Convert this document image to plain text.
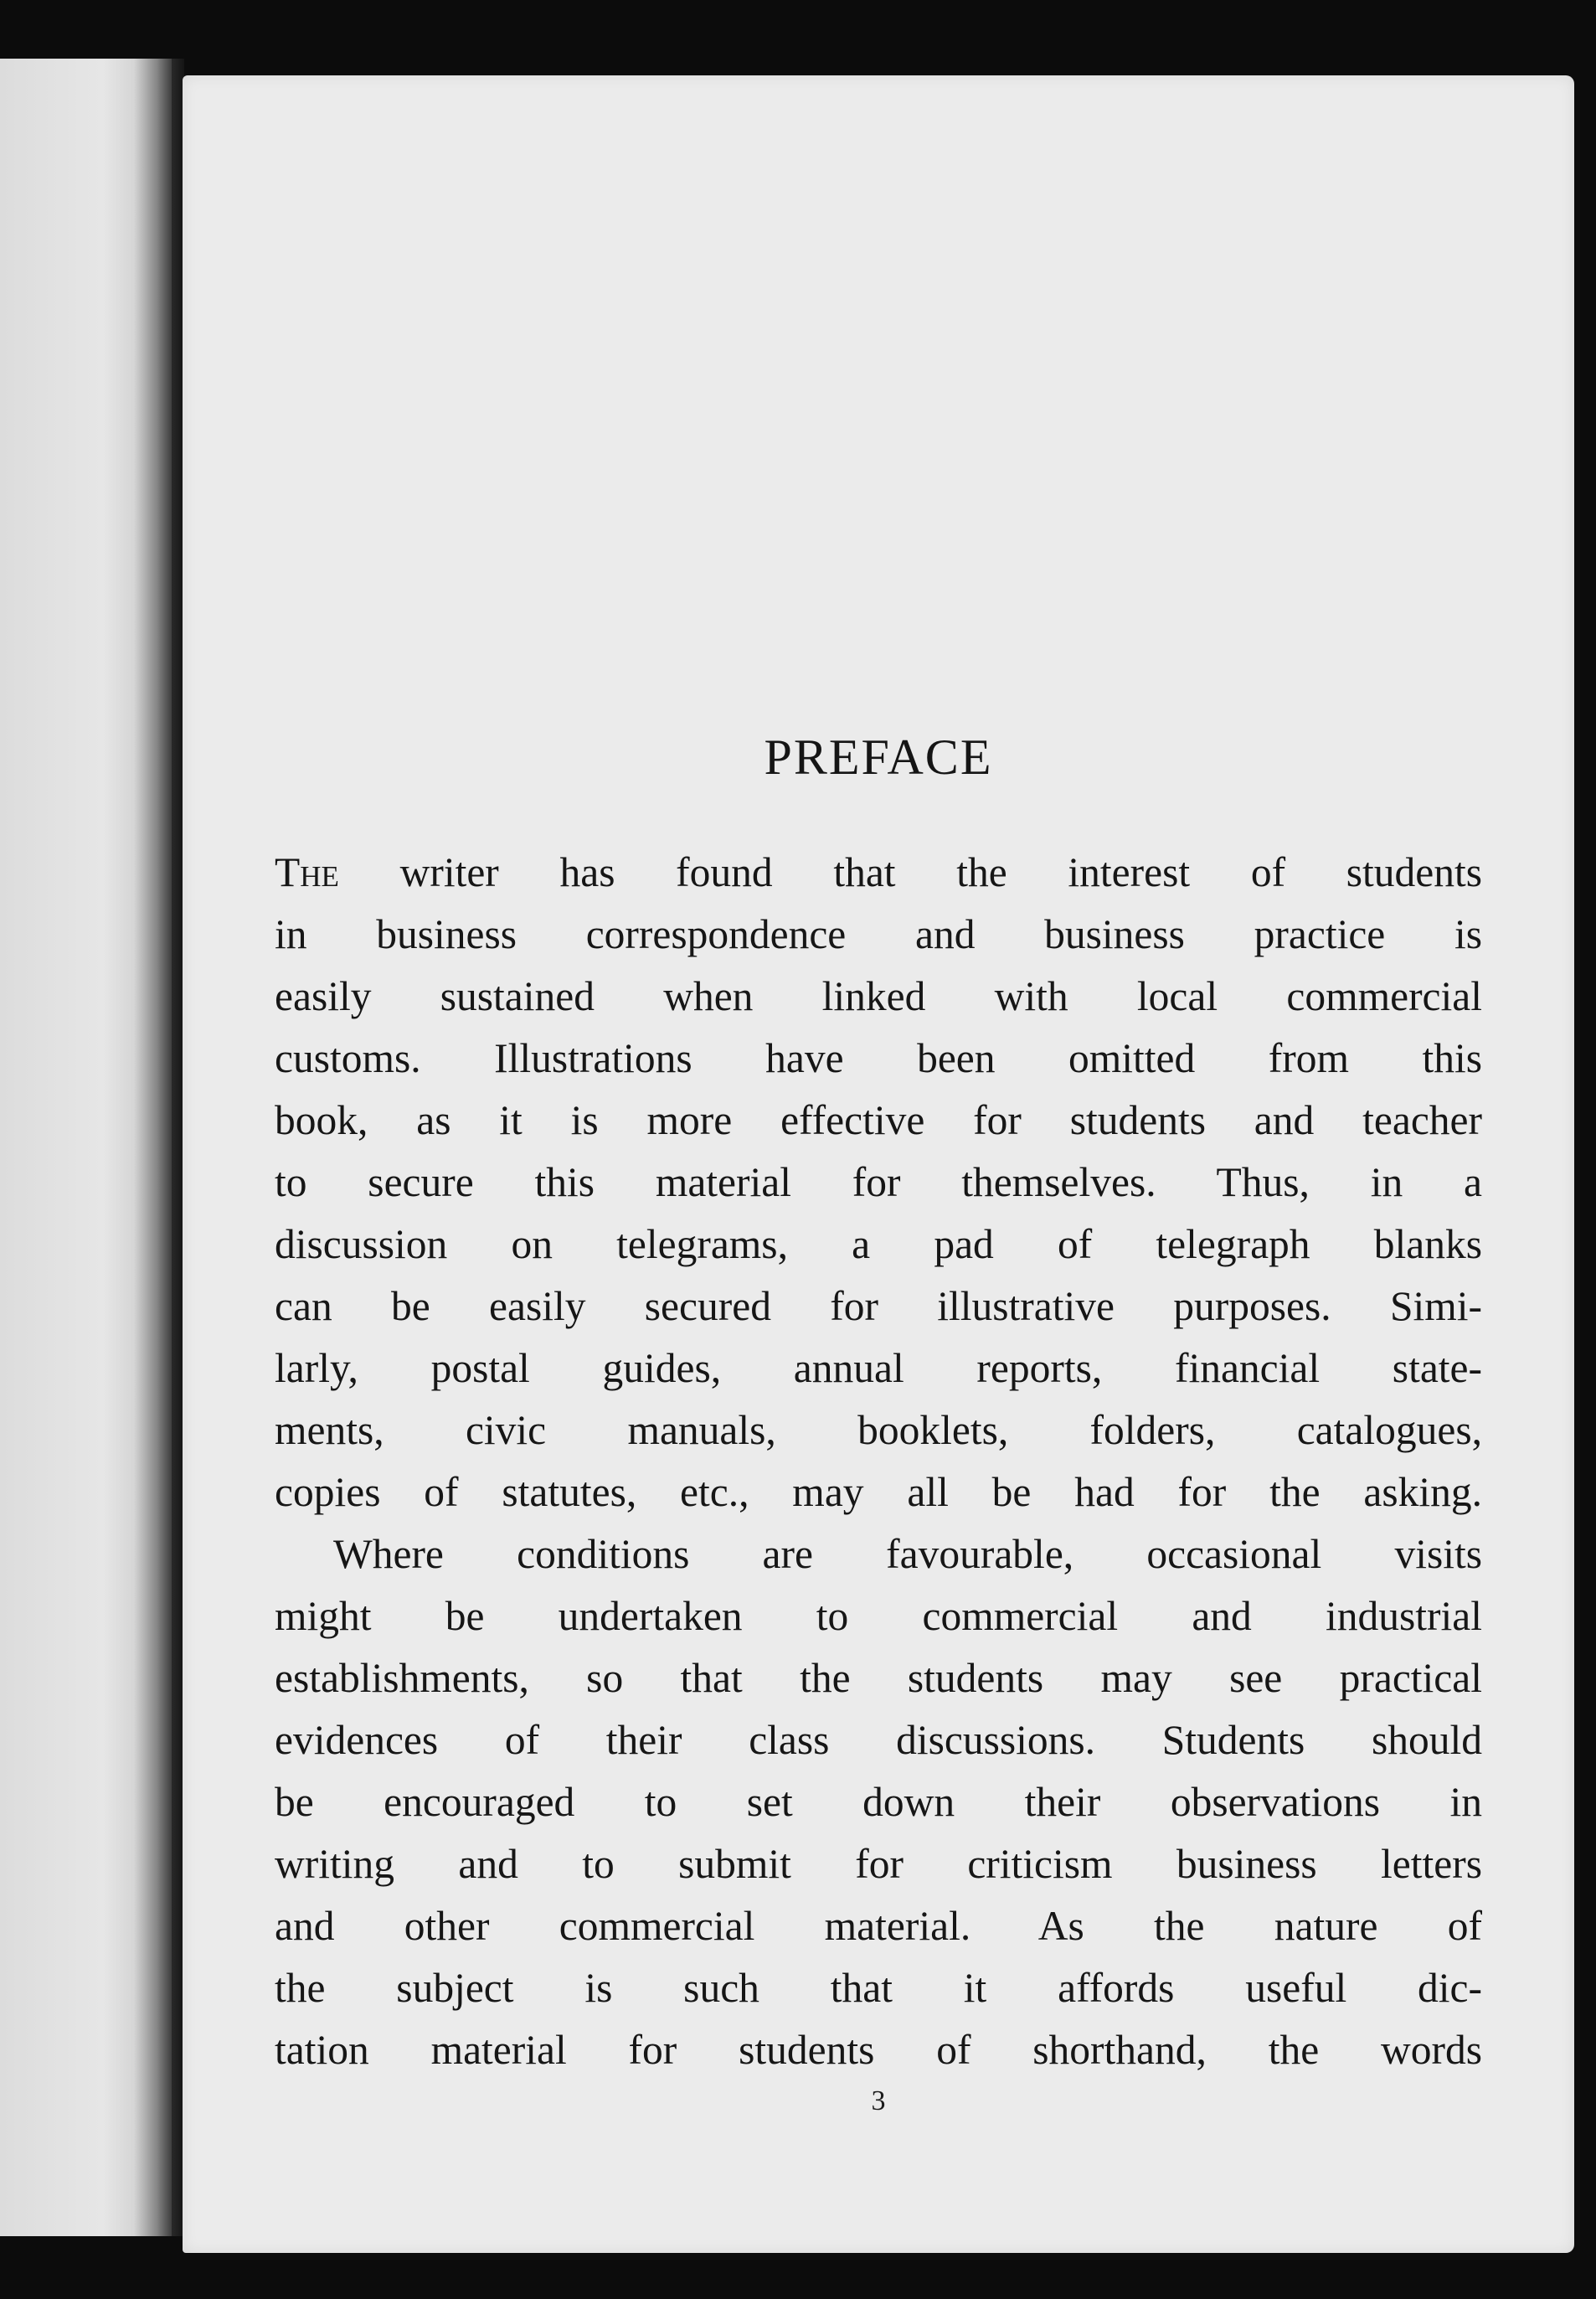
PREFACE
The writer has found that the interest of students
in business correspondence and business practice is
easily sustained when linked with local commercial
customs. Illustrations have been omitted from this
book, as it is more effective for students and teacher
to secure this material for themselves. Thus, in a
discussion on telegrams, a pad of telegraph blanks
can be easily secured for illustrative purposes. Simi-
larly, postal guides, annual reports, financial state-
ments, civic manuals, booklets, folders, catalogues,
copies of statutes, etc., may all be had for the asking.
Where conditions are favourable, occasional visits
might be undertaken to commercial and industrial
establishments, so that the students may see practical
evidences of their class discussions. Students should
be encouraged to set down their observations in
writing and to submit for criticism business letters
and other commercial material. As the nature of
the subject is such that it affords useful dic-
tation material for students of shorthand, the words
3
